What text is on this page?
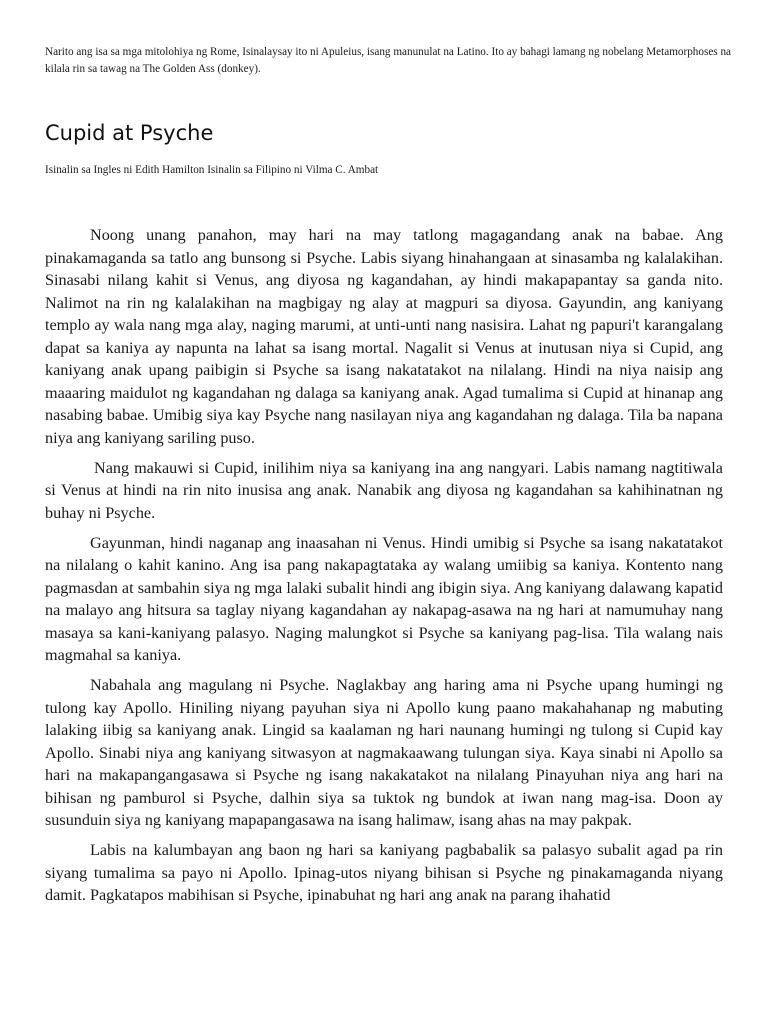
Narito ang isa sa mga mitolohiya ng Rome, Isinalaysay ito ni Apuleius, isang manunulat na Latino. Ito ay bahagi lamang ng nobelang Metamorphoses na kilala rin sa tawag na The Golden Ass (donkey).

Cupid at Psyche

Isinalin sa Ingles ni Edith Hamilton Isinalin sa Filipino ni Vilma C. Ambat

Noong unang panahon, may hari na may tatlong magagandang anak na babae. Ang pinakamaganda sa tatlo ang bunsong si Psyche. Labis siyang hinahangaan at sinasamba ng kalalakihan. Sinasabi nilang kahit si Venus, ang diyosa ng kagandahan, ay hindi makapapantay sa ganda nito. Nalimot na rin ng kalalakihan na magbigay ng alay at magpuri sa diyosa. Gayundin, ang kaniyang templo ay wala nang mga alay, naging marumi, at unti-unti nang nasisira. Lahat ng papuri't karangalang dapat sa kaniya ay napunta na lahat sa isang mortal. Nagalit si Venus at inutusan niya si Cupid, ang kaniyang anak upang paibigin si Psyche sa isang nakatatakot na nilalang. Hindi na niya naisip ang maaaring maidulot ng kagandahan ng dalaga sa kaniyang anak. Agad tumalima si Cupid at hinanap ang nasabing babae. Umibig siya kay Psyche nang nasilayan niya ang kagandahan ng dalaga. Tila ba napana niya ang kaniyang sariling puso.

Nang makauwi si Cupid, inilihim niya sa kaniyang ina ang nangyari. Labis namang nagtitiwala si Venus at hindi na rin nito inusisa ang anak. Nanabik ang diyosa ng kagandahan sa kahihinatnan ng buhay ni Psyche.

Gayunman, hindi naganap ang inaasahan ni Venus. Hindi umibig si Psyche sa isang nakatatakot na nilalang o kahit kanino. Ang isa pang nakapagtataka ay walang umiibig sa kaniya. Kontento nang pagmasdan at sambahin siya ng mga lalaki subalit hindi ang ibigin siya. Ang kaniyang dalawang kapatid na malayo ang hitsura sa taglay niyang kagandahan ay nakapag-asawa na ng hari at namumuhay nang masaya sa kani-kaniyang palasyo. Naging malungkot si Psyche sa kaniyang pag-lisa. Tila walang nais magmahal sa kaniya.

Nabahala ang magulang ni Psyche. Naglakbay ang haring ama ni Psyche upang humingi ng tulong kay Apollo. Hiniling niyang payuhan siya ni Apollo kung paano makahahanap ng mabuting lalaking iibig sa kaniyang anak. Lingid sa kaalaman ng hari naunang humingi ng tulong si Cupid kay Apollo. Sinabi niya ang kaniyang sitwasyon at nagmakaawang tulungan siya. Kaya sinabi ni Apollo sa hari na makapangangasawa si Psyche ng isang nakakatakot na nilalang Pinayuhan niya ang hari na bihisan ng pamburol si Psyche, dalhin siya sa tuktok ng bundok at iwan nang mag-isa. Doon ay susunduin siya ng kaniyang mapapangasawa na isang halimaw, isang ahas na may pakpak.

Labis na kalumbayan ang baon ng hari sa kaniyang pagbabalik sa palasyo subalit agad pa rin siyang tumalima sa payo ni Apollo. Ipinag-utos niyang bihisan si Psyche ng pinakamaganda niyang damit. Pagkatapos mabihisan si Psyche, ipinabuhat ng hari ang anak na parang ihahatid
